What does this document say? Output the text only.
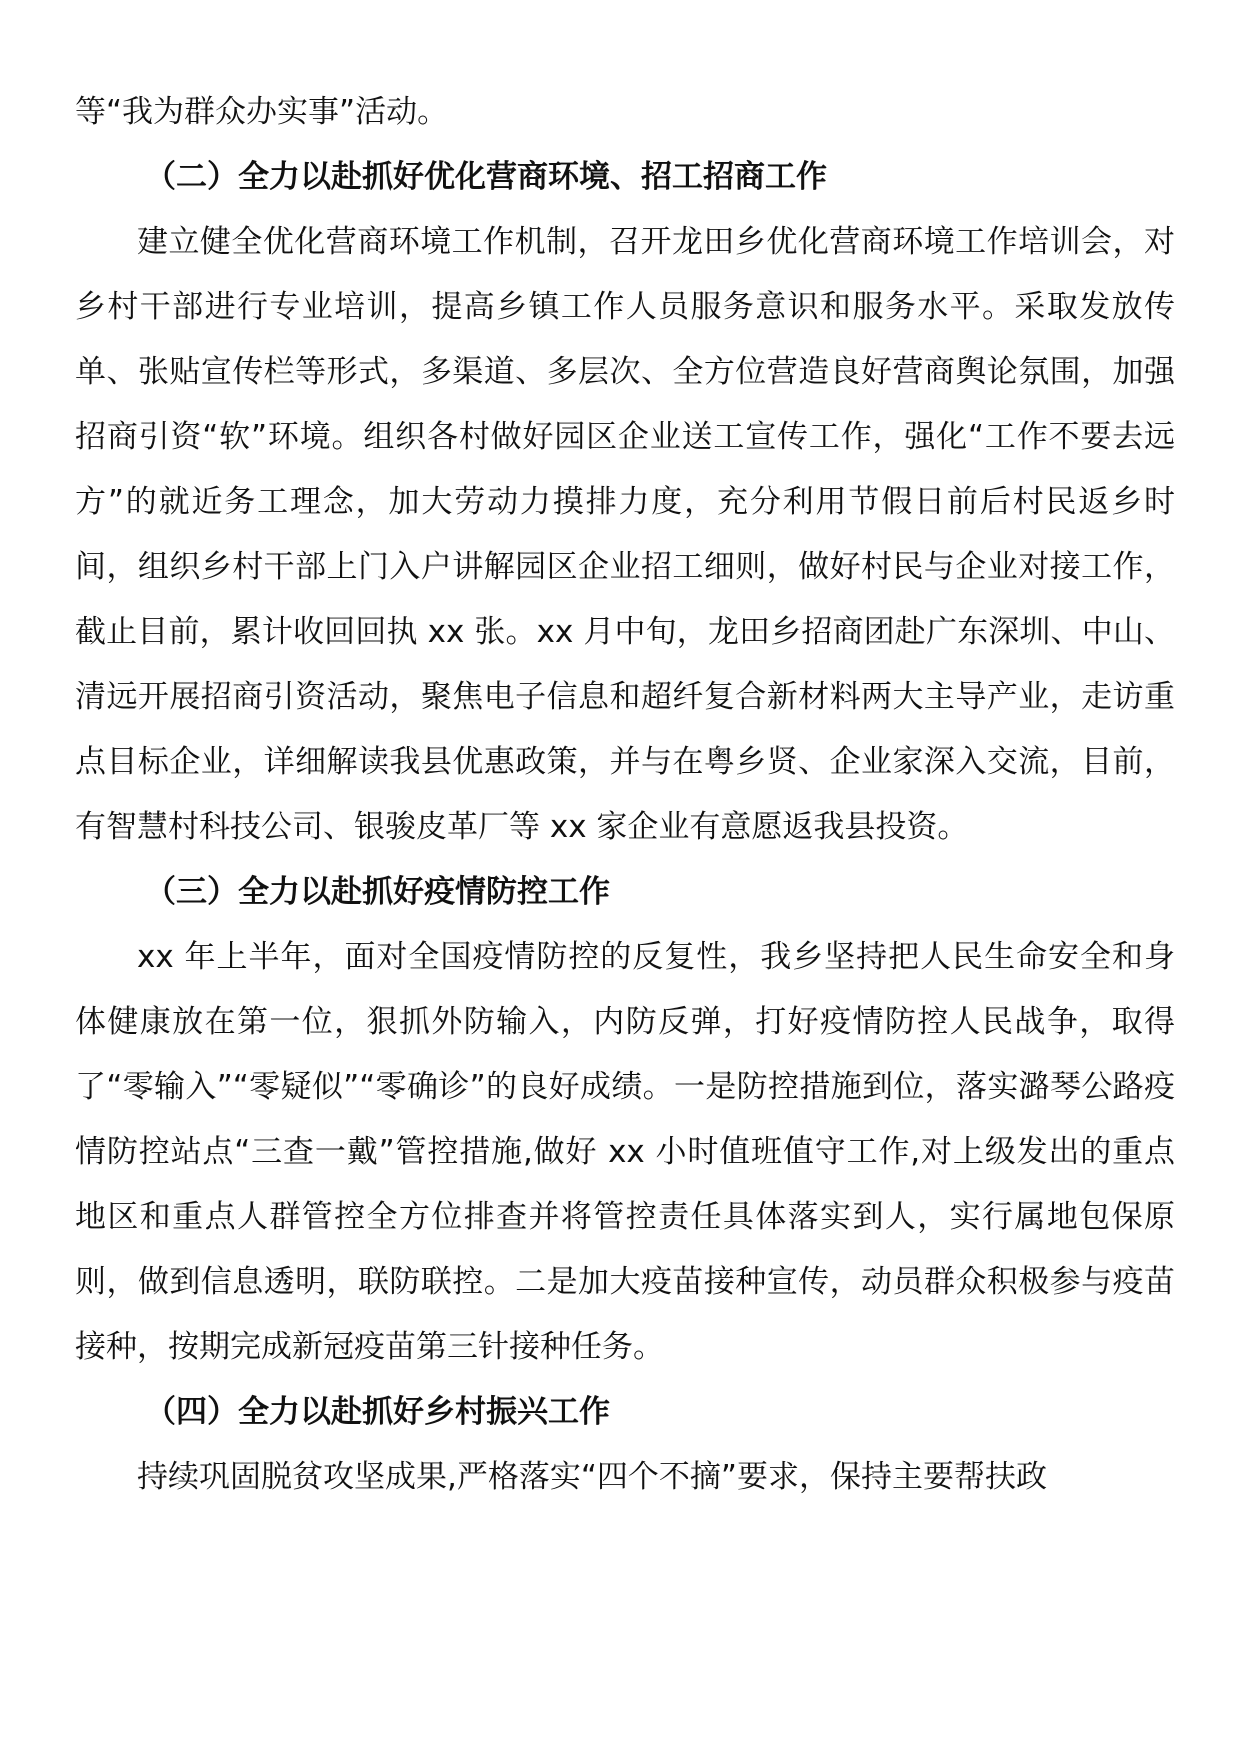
等“我为群众办实事”活动。

（二）全力以赴抓好优化营商环境、招工招商工作

建立健全优化营商环境工作机制，召开龙田乡优化营商环境工作培训会，对乡村干部进行专业培训，提高乡镇工作人员服务意识和服务水平。采取发放传单、张贴宣传栏等形式，多渠道、多层次、全方位营造良好营商舆论氛围，加强招商引资“软”环境。组织各村做好园区企业送工宣传工作，强化“工作不要去远方”的就近务工理念，加大劳动力摸排力度，充分利用节假日前后村民返乡时间，组织乡村干部上门入户讲解园区企业招工细则，做好村民与企业对接工作，截止目前，累计收回回执 xx 张。xx 月中旬，龙田乡招商团赴广东深圳、中山、清远开展招商引资活动，聚焦电子信息和超纤复合新材料两大主导产业，走访重点目标企业，详细解读我县优惠政策，并与在粤乡贤、企业家深入交流，目前，有智慧村科技公司、银骏皮革厂等 xx 家企业有意愿返我县投资。

（三）全力以赴抓好疫情防控工作

xx 年上半年，面对全国疫情防控的反复性，我乡坚持把人民生命安全和身体健康放在第一位，狠抓外防输入，内防反弹，打好疫情防控人民战争，取得了“零输入”“零疑似”“零确诊”的良好成绩。一是防控措施到位，落实潞琴公路疫情防控站点“三查一戴”管控措施,做好 xx 小时值班值守工作,对上级发出的重点地区和重点人群管控全方位排查并将管控责任具体落实到人，实行属地包保原则，做到信息透明，联防联控。二是加大疫苗接种宣传，动员群众积极参与疫苗接种，按期完成新冠疫苗第三针接种任务。

（四）全力以赴抓好乡村振兴工作

持续巩固脱贫攻坚成果,严格落实“四个不摘”要求，保持主要帮扶政
